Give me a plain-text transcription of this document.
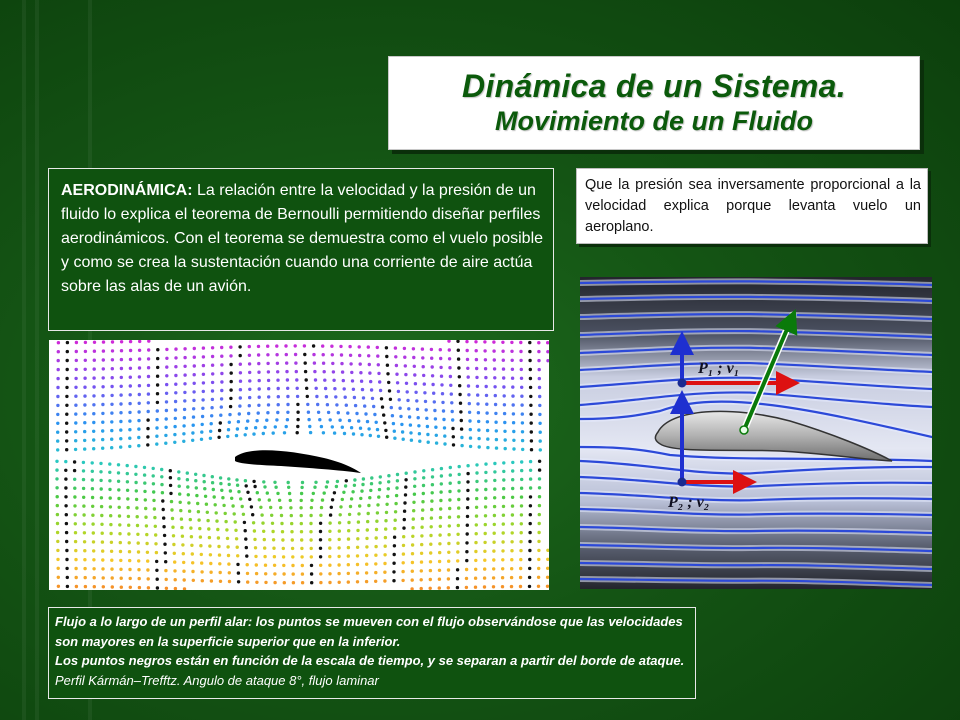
Dinámica de un Sistema.
Movimiento de un Fluido
AERODINÁMICA: La relación entre la velocidad y la presión de un fluido lo explica el teorema de Bernoulli permitiendo diseñar perfiles aerodinámicos. Con el teorema se demuestra como el vuelo posible y como se crea la sustentación cuando una corriente de aire actúa sobre las alas de un avión.
Que la presión sea inversamente proporcional a la velocidad explica porque levanta vuelo un aeroplano.
P₁ ; v₁
P₂ ; v₂
Flujo a lo largo de un perfil alar: los puntos se mueven con el flujo observándose que las velocidades son mayores en la superficie superior que en la inferior.
Los puntos negros están en función de la escala de tiempo, y se separan a partir del borde de ataque. Perfil Kármán–Trefftz. Angulo de ataque 8°, flujo laminar
